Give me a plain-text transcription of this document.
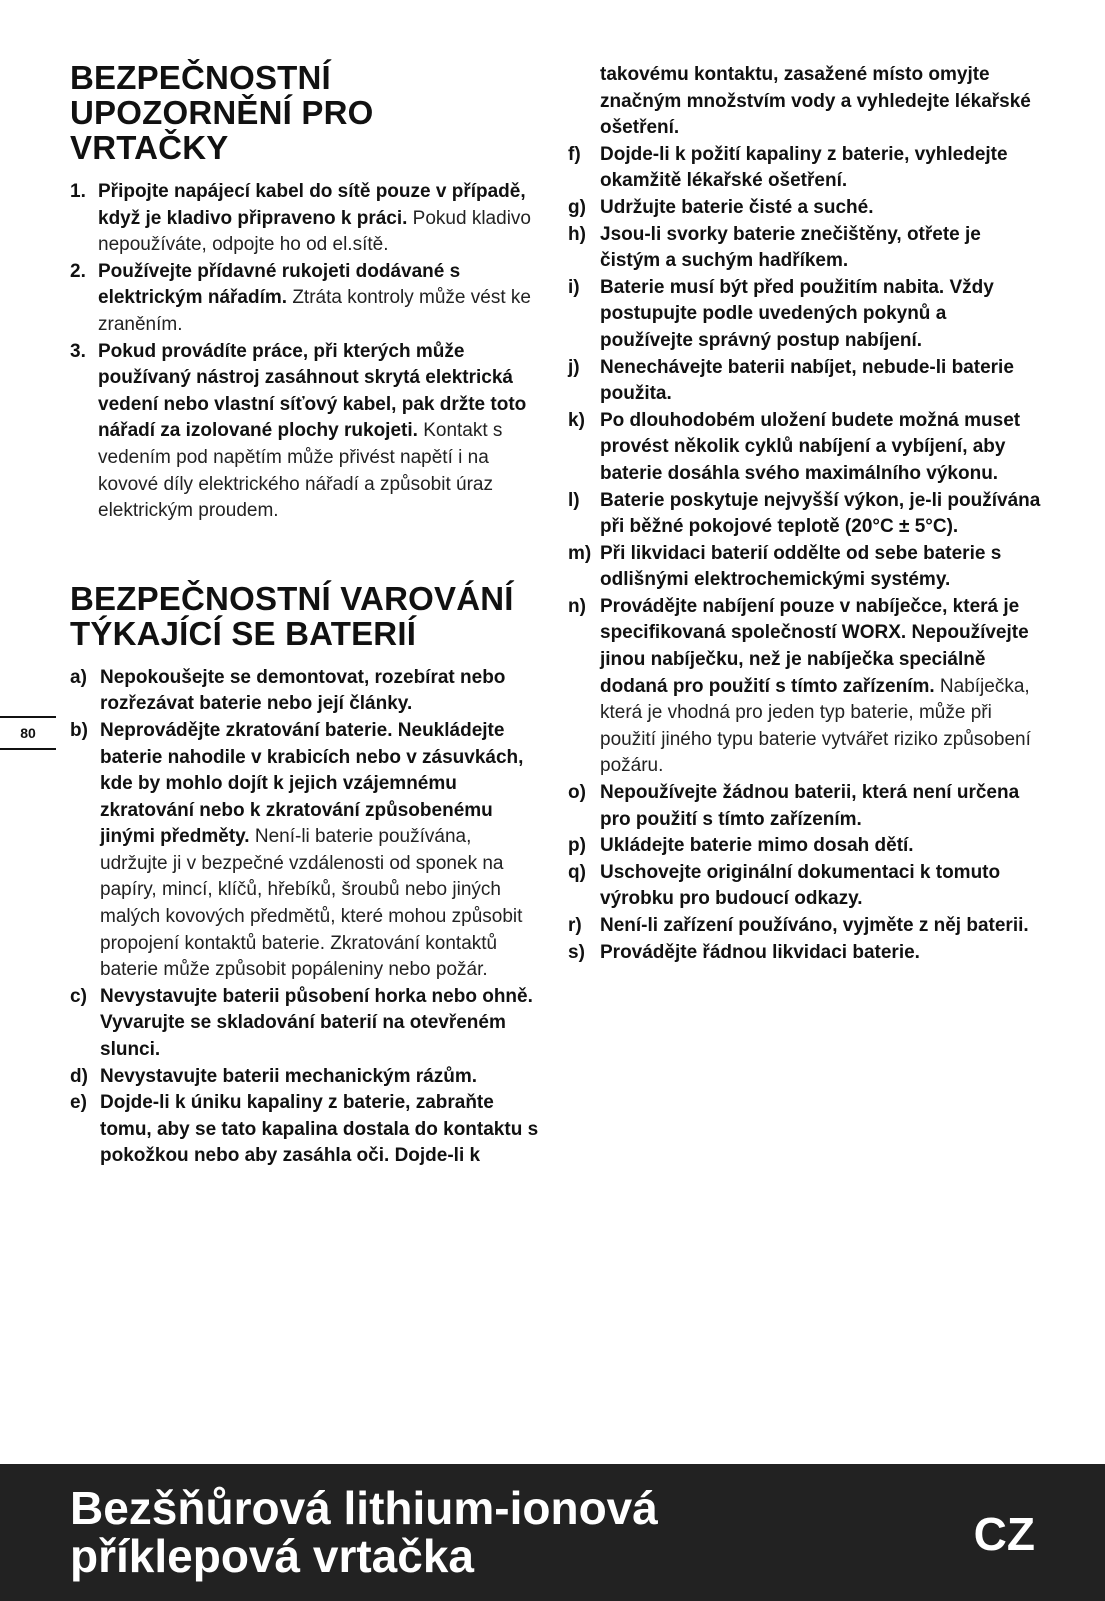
BEZPEČNOSTNÍ UPOZORNĚNÍ PRO VRTAČKY
1. Připojte napájecí kabel do sítě pouze v případě, když je kladivo připraveno k práci. Pokud kladivo nepoužíváte, odpojte ho od el.sítě.
2. Používejte přídavné rukojeti dodávané s elektrickým nářadím. Ztráta kontroly může vést ke zraněním.
3. Pokud provádíte práce, při kterých může používaný nástroj zasáhnout skrytá elektrická vedení nebo vlastní síťový kabel, pak držte toto nářadí za izolované plochy rukojeti. Kontakt s vedením pod napětím může přivést napětí i na kovové díly elektrického nářadí a způsobit úraz elektrickým proudem.
BEZPEČNOSTNÍ VAROVÁNÍ TÝKAJÍCÍ SE BATERIÍ
a) Nepokoušejte se demontovat, rozebírat nebo rozřezávat baterie nebo její články.
b) Neprovádějte zkratování baterie. Neukládejte baterie nahodile v krabicích nebo v zásuvkách, kde by mohlo dojít k jejich vzájemnému zkratování nebo k zkratování způsobenému jinými předměty. Není-li baterie používána, udržujte ji v bezpečné vzdálenosti od sponek na papíry, mincí, klíčů, hřebíků, šroubů nebo jiných malých kovových předmětů, které mohou způsobit propojení kontaktů baterie. Zkratování kontaktů baterie může způsobit popáleniny nebo požár.
c) Nevystavujte baterii působení horka nebo ohně. Vyvarujte se skladování baterií na otevřeném slunci.
d) Nevystavujte baterii mechanickým rázům.
e) Dojde-li k úniku kapaliny z baterie, zabraňte tomu, aby se tato kapalina dostala do kontaktu s pokožkou nebo aby zasáhla oči. Dojde-li k
takovému kontaktu, zasažené místo omyjte značným množstvím vody a vyhledejte lékařské ošetření.
f) Dojde-li k požití kapaliny z baterie, vyhledejte okamžitě lékařské ošetření.
g) Udržujte baterie čisté a suché.
h) Jsou-li svorky baterie znečištěny, otřete je čistým a suchým hadříkem.
i) Baterie musí být před použitím nabita. Vždy postupujte podle uvedených pokynů a používejte správný postup nabíjení.
j) Nenechávejte baterii nabíjet, nebude-li baterie použita.
k) Po dlouhodobém uložení budete možná muset provést několik cyklů nabíjení a vybíjení, aby baterie dosáhla svého maximálního výkonu.
l) Baterie poskytuje nejvyšší výkon, je-li používána při běžné pokojové teplotě (20°C ± 5°C).
m) Při likvidaci baterií oddělte od sebe baterie s odlišnými elektrochemickými systémy.
n) Provádějte nabíjení pouze v nabíječce, která je specifikovaná společností WORX. Nepoužívejte jinou nabíječku, než je nabíječka speciálně dodaná pro použití s tímto zařízením. Nabíječka, která je vhodná pro jeden typ baterie, může při použití jiného typu baterie vytvářet riziko způsobení požáru.
o) Nepoužívejte žádnou baterii, která není určena pro použití s tímto zařízením.
p) Ukládejte baterie mimo dosah dětí.
q) Uschovejte originální dokumentaci k tomuto výrobku pro budoucí odkazy.
r) Není-li zařízení používáno, vyjměte z něj baterii.
s) Provádějte řádnou likvidaci baterie.
80
Bezšňůrová lithium-ionová příklepová vrtačka	CZ
